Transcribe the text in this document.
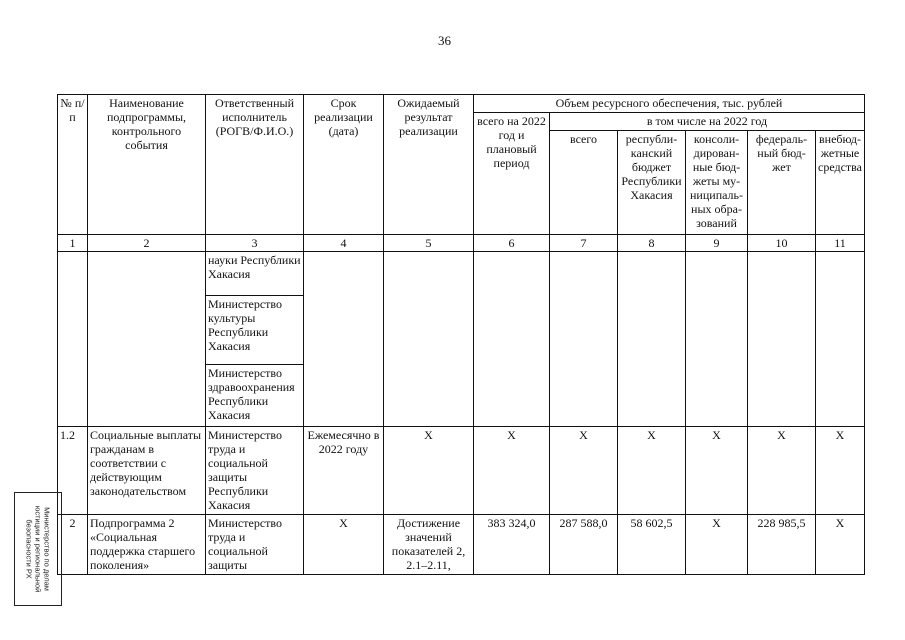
36
№ п/п	Наименование подпрограммы, контрольного события	Ответственный исполнитель (РОГВ/Ф.И.О.)	Срок реализации (дата)	Ожидаемый результат реализации	Объем ресурсного обеспечения, тыс. рублей					
					всего на 2022 год и плановый период	в том числе на 2022 год				
						всего	республи-канский бюджет Республики Хакасия	консоли-дирован-ные бюд-жеты му-ниципаль-ных обра-зований	федераль-ный бюд-жет	внебюд-жетные средства
1	2	3	4	5	6	7	8	9	10	11
		науки Республики Хакасия								
		Министерство культуры Республики Хакасия								
		Министерство здравоохранения Республики Хакасия								
1.2	Социальные выплаты гражданам в соответствии с действующим законодательством	Министерство труда и социальной защиты Республики Хакасия	Ежемесячно в 2022 году	Х	Х	Х	Х	Х	Х	Х
2	Подпрограмма 2 «Социальная поддержка старшего поколения»	Министерство труда и социальной защиты	Х	Достижение значений показателей 2, 2.1–2.11,	383 324,0	287 588,0	58 602,5	Х	228 985,5	Х
Министерство по делам юстиции и региональной безопасности РХ
